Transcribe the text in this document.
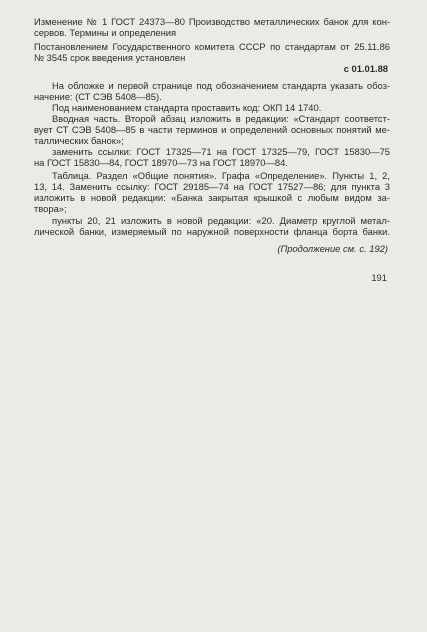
Изменение № 1 ГОСТ 24373—80 Производство металлических банок для кон-
сервов. Термины и определения
Постановлением Государственного комитета СССР по стандартам от 25.11.86
№ 3545 срок введения установлен
с 01.01.88
На обложке и первой странице под обозначением стандарта указать обоз-
начение: (СТ СЭВ 5408—85).
Под наименованием стандарта проставить код: ОКП 14 1740.
Вводная часть. Второй абзац изложить в редакции: «Стандарт соответст-
вует СТ СЭВ 5408—85 в части терминов и определений основных понятий ме-
таллических банок»;
заменить ссылки: ГОСТ 17325—71 на ГОСТ 17325—79, ГОСТ 15830—75
на ГОСТ 15830—84, ГОСТ 18970—73 на ГОСТ 18970—84.
Таблица. Раздел «Общие понятия». Графа «Определение». Пункты 1, 2,
13, 14. Заменить ссылку: ГОСТ 29185—74 на ГОСТ 17527—86; для пункта 3
изложить в новой редакции: «Банка закрытая крышкой с любым видом за-
твора»;
пункты 20, 21 изложить в новой редакции: «20. Диаметр круглой метал-
лической банки, измеряемый по наружной поверхности фланца борта банки.
(Продолжение см. с. 192)
191
